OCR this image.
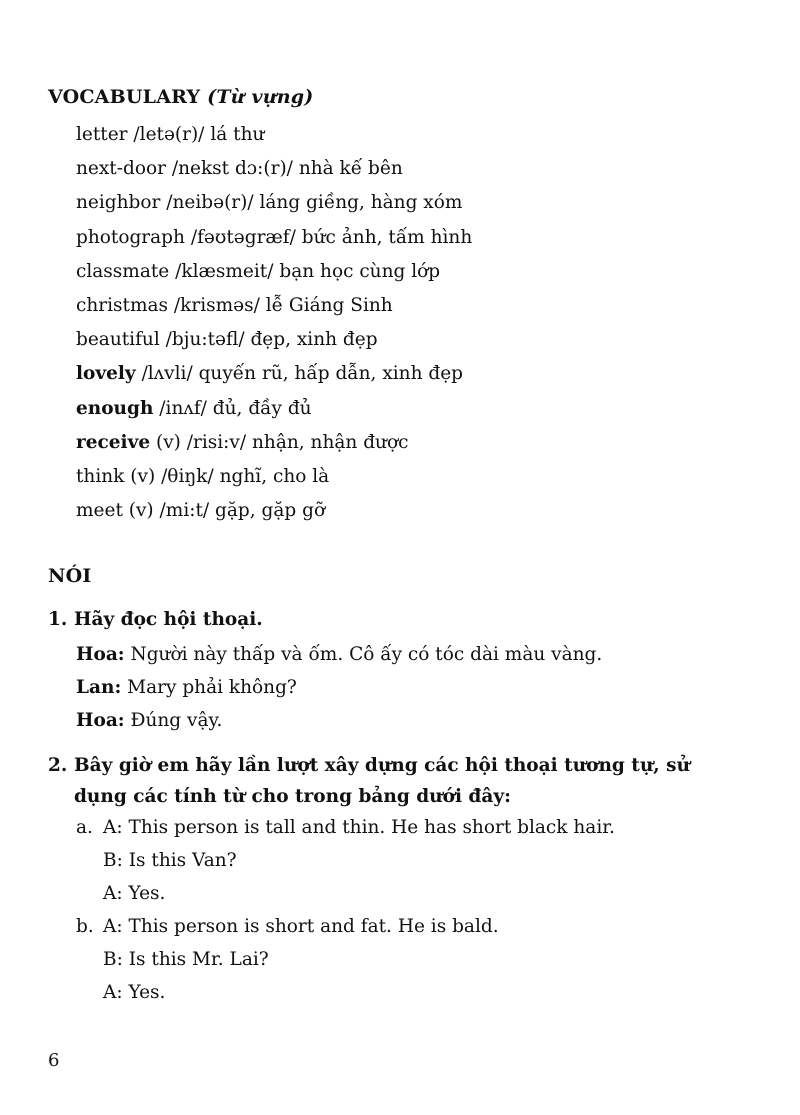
VOCABULARY (Từ vựng)
letter /letə(r)/ lá thư
next-door /nekst dɔ:(r)/ nhà kế bên
neighbor /neibə(r)/ láng giềng, hàng xóm
photograph /fəʊtəgræf/ bức ảnh, tấm hình
classmate /klæsmeit/ bạn học cùng lớp
christmas /krisməs/ lễ Giáng Sinh
beautiful /bju:təfl/ đẹp, xinh đẹp
lovely /lʌvli/ quyến rũ, hấp dẫn, xinh đẹp
enough /inʌf/ đủ, đầy đủ
receive (v) /risi:v/ nhận, nhận được
think (v) /θiŋk/ nghĩ, cho là
meet (v) /mi:t/ gặp, gặp gỡ
NÓI
1. Hãy đọc hội thoại.
Hoa: Người này thấp và ốm. Cô ấy có tóc dài màu vàng.
Lan: Mary phải không?
Hoa: Đúng vậy.
2. Bây giờ em hãy lần lượt xây dựng các hội thoại tương tự, sử
dụng các tính từ cho trong bảng dưới đây:
a. A: This person is tall and thin. He has short black hair.
B: Is this Van?
A: Yes.
b. A: This person is short and fat. He is bald.
B: Is this Mr. Lai?
A: Yes.
6
